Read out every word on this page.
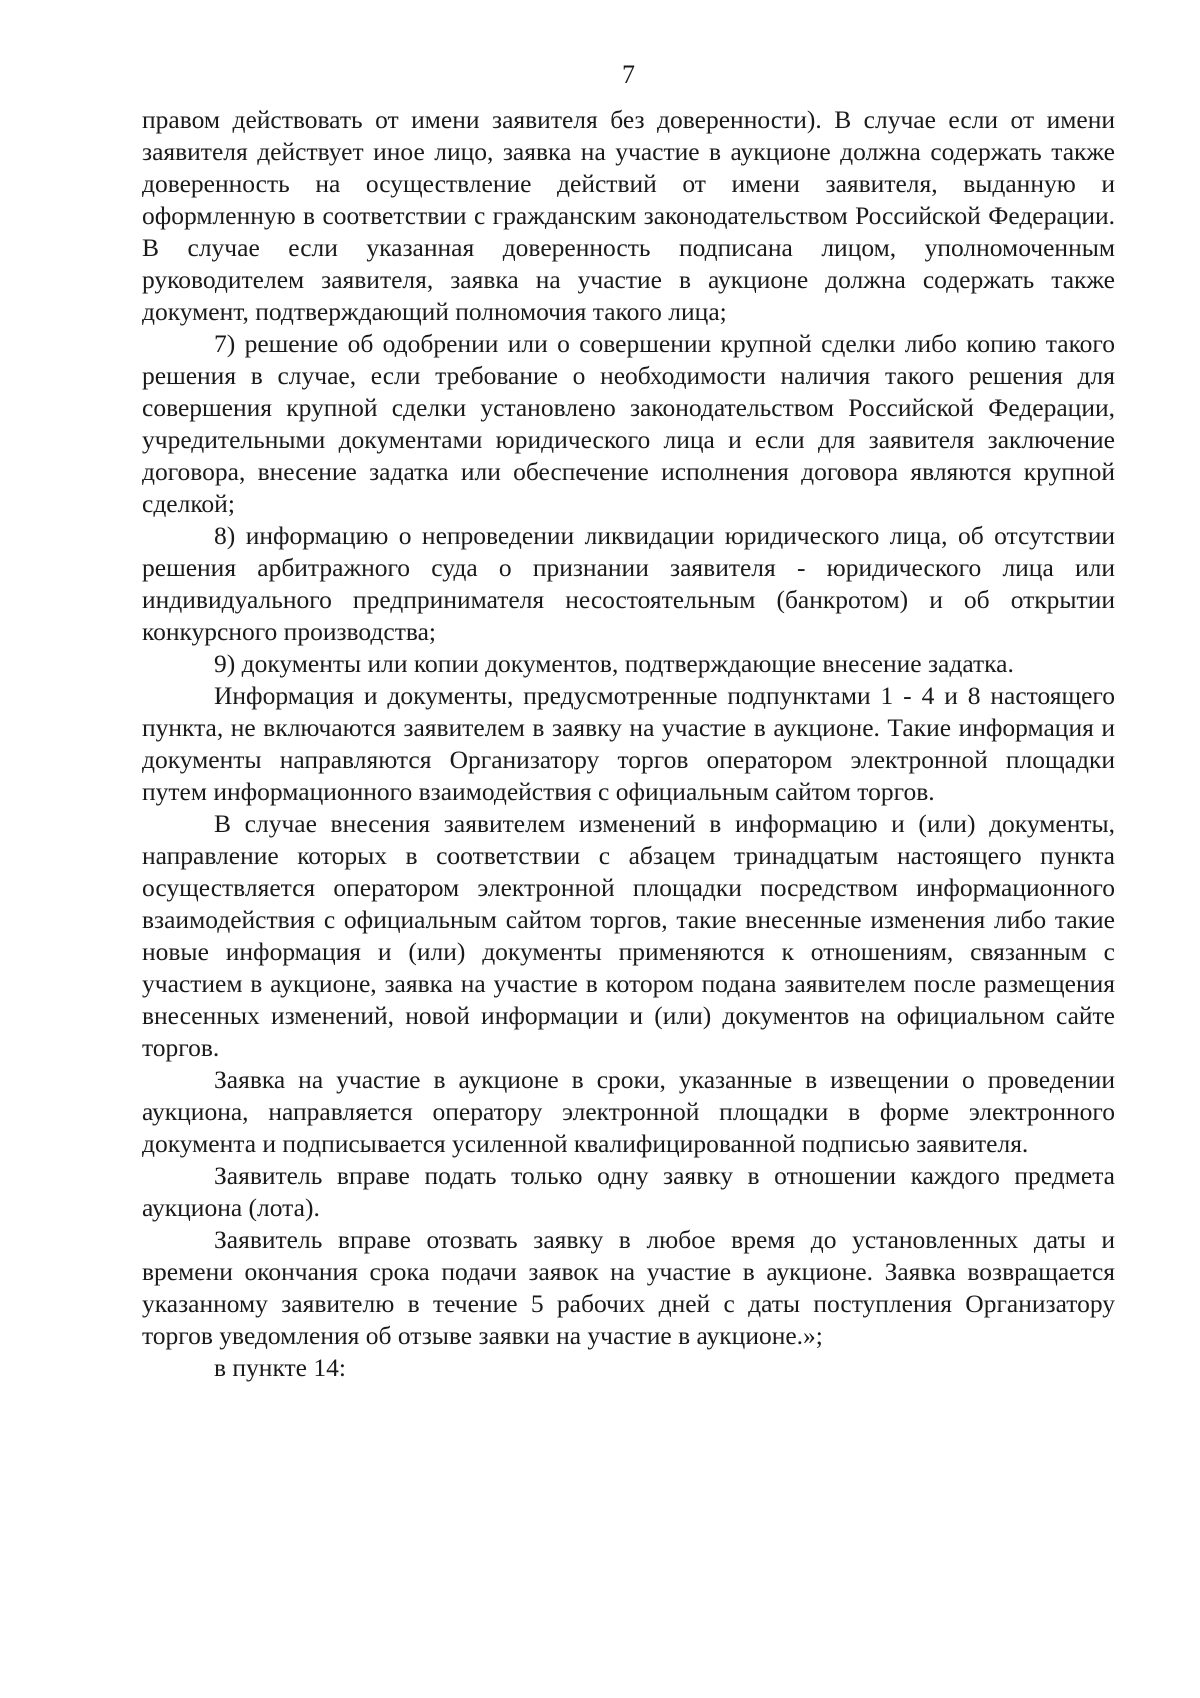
7

правом действовать от имени заявителя без доверенности). В случае если от имени заявителя действует иное лицо, заявка на участие в аукционе должна содержать также доверенность на осуществление действий от имени заявителя, выданную и оформленную в соответствии с гражданским законодательством Российской Федерации. В случае если указанная доверенность подписана лицом, уполномоченным руководителем заявителя, заявка на участие в аукционе должна содержать также документ, подтверждающий полномочия такого лица;

7) решение об одобрении или о совершении крупной сделки либо копию такого решения в случае, если требование о необходимости наличия такого решения для совершения крупной сделки установлено законодательством Российской Федерации, учредительными документами юридического лица и если для заявителя заключение договора, внесение задатка или обеспечение исполнения договора являются крупной сделкой;

8) информацию о непроведении ликвидации юридического лица, об отсутствии решения арбитражного суда о признании заявителя - юридического лица или индивидуального предпринимателя несостоятельным (банкротом) и об открытии конкурсного производства;

9) документы или копии документов, подтверждающие внесение задатка.

Информация и документы, предусмотренные подпунктами 1 - 4 и 8 настоящего пункта, не включаются заявителем в заявку на участие в аукционе. Такие информация и документы направляются Организатору торгов оператором электронной площадки путем информационного взаимодействия с официальным сайтом торгов.

В случае внесения заявителем изменений в информацию и (или) документы, направление которых в соответствии с абзацем тринадцатым настоящего пункта осуществляется оператором электронной площадки посредством информационного взаимодействия с официальным сайтом торгов, такие внесенные изменения либо такие новые информация и (или) документы применяются к отношениям, связанным с участием в аукционе, заявка на участие в котором подана заявителем после размещения внесенных изменений, новой информации и (или) документов на официальном сайте торгов.

Заявка на участие в аукционе в сроки, указанные в извещении о проведении аукциона, направляется оператору электронной площадки в форме электронного документа и подписывается усиленной квалифицированной подписью заявителя.

Заявитель вправе подать только одну заявку в отношении каждого предмета аукциона (лота).

Заявитель вправе отозвать заявку в любое время до установленных даты и времени окончания срока подачи заявок на участие в аукционе. Заявка возвращается указанному заявителю в течение 5 рабочих дней с даты поступления Организатору торгов уведомления об отзыве заявки на участие в аукционе.»;

в пункте 14:
